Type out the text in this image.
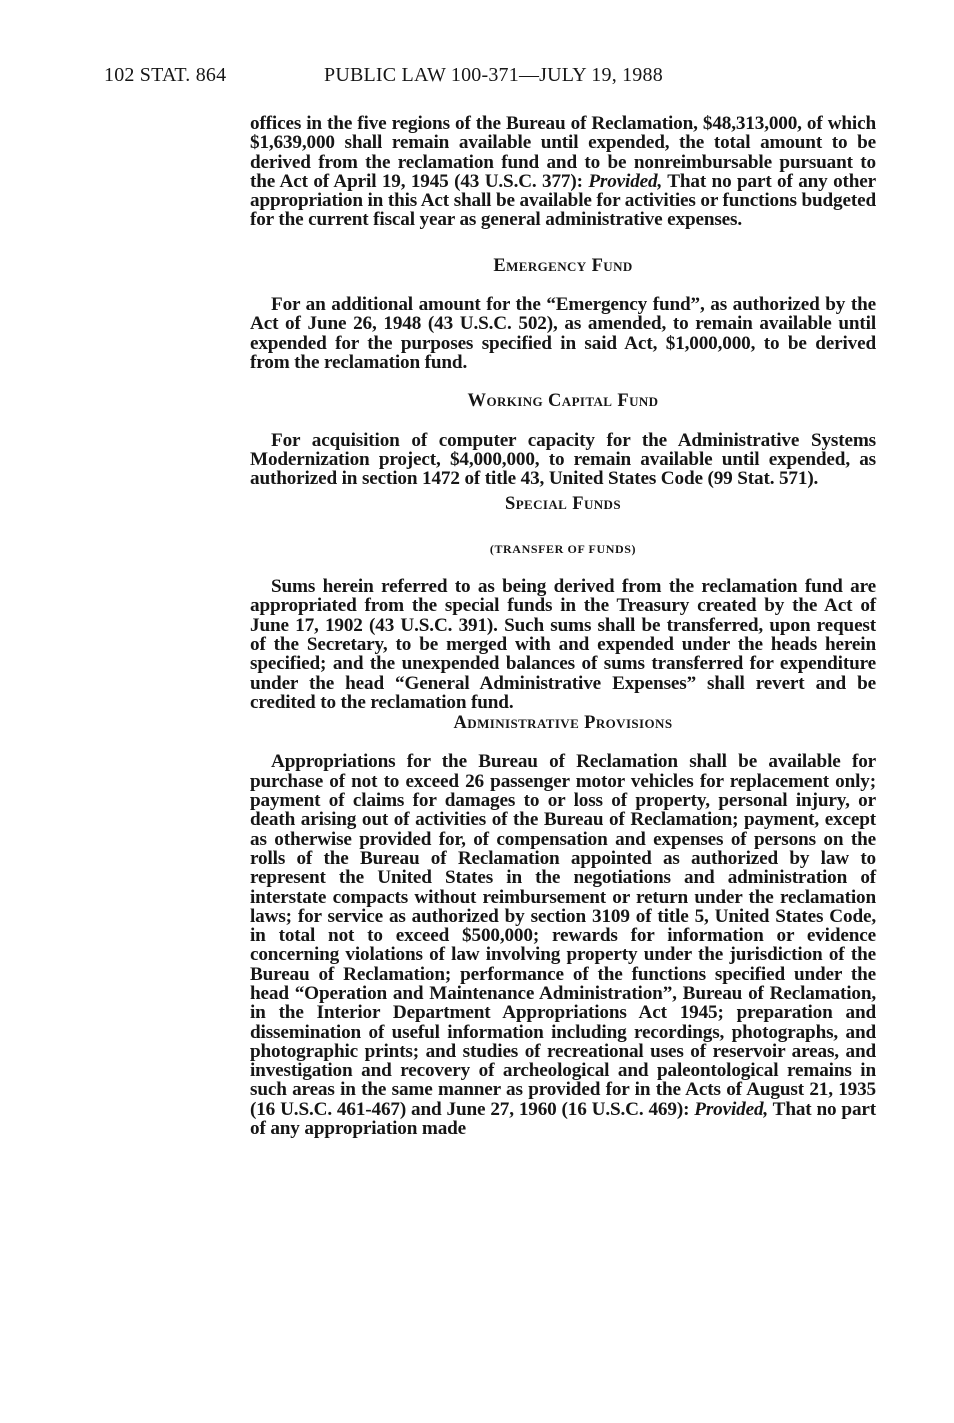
102 STAT. 864	PUBLIC LAW 100-371—JULY 19, 1988

offices in the five regions of the Bureau of Reclamation, $48,313,000, of which $1,639,000 shall remain available until expended, the total amount to be derived from the reclamation fund and to be nonreimbursable pursuant to the Act of April 19, 1945 (43 U.S.C. 377): Provided, That no part of any other appropriation in this Act shall be available for activities or functions budgeted for the current fiscal year as general administrative expenses.

Emergency Fund

For an additional amount for the “Emergency fund”, as authorized by the Act of June 26, 1948 (43 U.S.C. 502), as amended, to remain available until expended for the purposes specified in said Act, $1,000,000, to be derived from the reclamation fund.

Working Capital Fund

For acquisition of computer capacity for the Administrative Systems Modernization project, $4,000,000, to remain available until expended, as authorized in section 1472 of title 43, United States Code (99 Stat. 571).

Special Funds

(TRANSFER OF FUNDS)

Sums herein referred to as being derived from the reclamation fund are appropriated from the special funds in the Treasury created by the Act of June 17, 1902 (43 U.S.C. 391). Such sums shall be transferred, upon request of the Secretary, to be merged with and expended under the heads herein specified; and the unexpended balances of sums transferred for expenditure under the head “General Administrative Expenses” shall revert and be credited to the reclamation fund.

Administrative Provisions

Appropriations for the Bureau of Reclamation shall be available for purchase of not to exceed 26 passenger motor vehicles for replacement only; payment of claims for damages to or loss of property, personal injury, or death arising out of activities of the Bureau of Reclamation; payment, except as otherwise provided for, of compensation and expenses of persons on the rolls of the Bureau of Reclamation appointed as authorized by law to represent the United States in the negotiations and administration of interstate compacts without reimbursement or return under the reclamation laws; for service as authorized by section 3109 of title 5, United States Code, in total not to exceed $500,000; rewards for information or evidence concerning violations of law involving property under the jurisdiction of the Bureau of Reclamation; performance of the functions specified under the head “Operation and Maintenance Administration”, Bureau of Reclamation, in the Interior Department Appropriations Act 1945; preparation and dissemination of useful information including recordings, photographs, and photographic prints; and studies of recreational uses of reservoir areas, and investigation and recovery of archeological and paleontological remains in such areas in the same manner as provided for in the Acts of August 21, 1935 (16 U.S.C. 461-467) and June 27, 1960 (16 U.S.C. 469): Provided, That no part of any appropriation made
